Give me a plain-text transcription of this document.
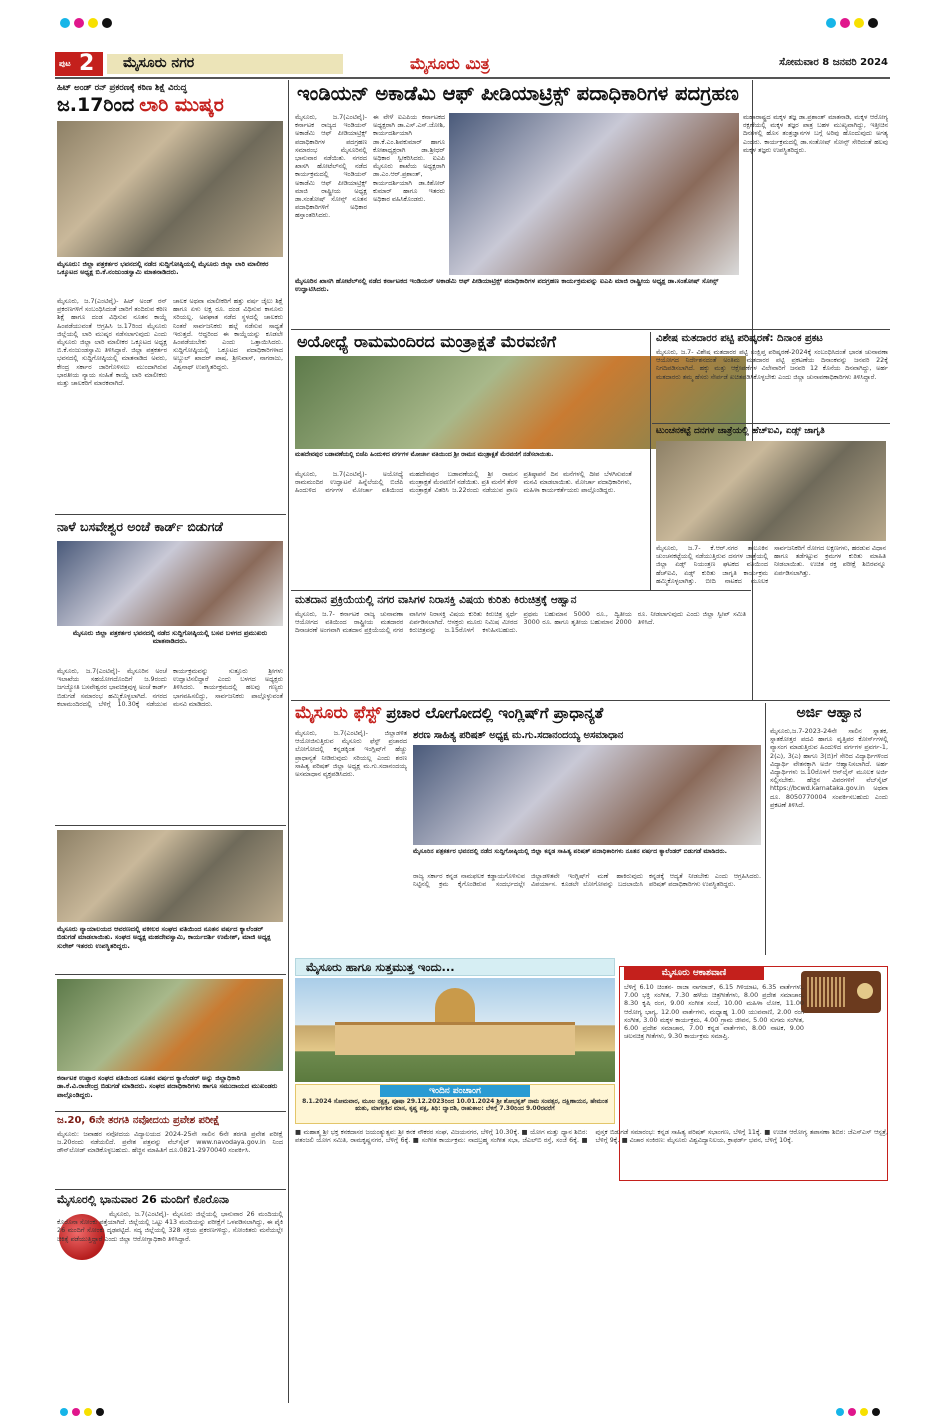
ಪುಟ 2 ಮೈಸೂರು ನಗರ	ಮೈಸೂರು ಮಿತ್ರ	ಸೋಮವಾರ 8 ಜನವರಿ 2024
ಹಿಟ್ ಅಂಡ್ ರನ್ ಪ್ರಕರಣಕ್ಕೆ ಕಠಿಣ ಶಿಕ್ಷೆ ವಿರುದ್ಧ
ಜ.17ರಿಂದ ಲಾರಿ ಮುಷ್ಕರ
ಮೈಸೂರು: ಜಿಲ್ಲಾ ಪತ್ರಕರ್ತರ ಭವನದಲ್ಲಿ ನಡೆದ ಸುದ್ದಿಗೋಷ್ಠಿಯಲ್ಲಿ ಮೈಸೂರು ಜಿಲ್ಲಾ ಲಾರಿ ಮಾಲೀಕರ ಒಕ್ಕೂಟದ ಅಧ್ಯಕ್ಷ ಬಿ.ಕೆ.ನಂಜುಂಡಸ್ವಾಮಿ ಮಾತನಾಡಿದರು.
ಮೈಸೂರು, ಜ.7(ಎಂಟಿವೈ)- ಹಿಟ್ ಅಂಡ್ ರನ್ ಪ್ರಕರಣಗಳಿಗೆ ಸಂಬಂಧಿಸಿದಂತೆ ಜಾರಿಗೆ ತಂದಿರುವ ಕಠಿಣ ಶಿಕ್ಷೆ ಹಾಗೂ ದಂಡ ವಿಧಿಸುವ ನೂತನ ಕಾಯ್ದೆ ಹಿಂಪಡೆಯುವಂತೆ ಆಗ್ರಹಿಸಿ ಜ.17ರಿಂದ ಮೈಸೂರು ಜಿಲ್ಲೆಯಲ್ಲಿ ಲಾರಿ ಮುಷ್ಕರ ನಡೆಸಲಾಗುವುದು ಎಂದು ಮೈಸೂರು ಜಿಲ್ಲಾ ಲಾರಿ ಮಾಲೀಕರ ಒಕ್ಕೂಟದ ಅಧ್ಯಕ್ಷ ಬಿ.ಕೆ.ನಂಜುಂಡಸ್ವಾಮಿ ತಿಳಿಸಿದ್ದಾರೆ. ಜಿಲ್ಲಾ ಪತ್ರಕರ್ತರ ಭವನದಲ್ಲಿ ಸುದ್ದಿಗೋಷ್ಠಿಯಲ್ಲಿ ಮಾತನಾಡಿದ ಅವರು, ಕೇಂದ್ರ ಸರ್ಕಾರ ಜಾರಿಗೊಳಿಸಲು ಮುಂದಾಗಿರುವ ಭಾರತೀಯ ನ್ಯಾಯ ಸಂಹಿತೆ ಕಾಯ್ದೆ ಲಾರಿ ಮಾಲೀಕರು ಮತ್ತು ಚಾಲಕರಿಗೆ ಮಾರಕವಾಗಿದೆ.
ಚಾಲಕ ಅಥವಾ ಮಾಲೀಕರಿಗೆ ಹತ್ತು ವರ್ಷ ಜೈಲು ಶಿಕ್ಷೆ ಹಾಗೂ ಏಳು ಲಕ್ಷ ರೂ. ದಂಡ ವಿಧಿಸುವ ಕಾನೂನು ಸರಿಯಲ್ಲ. ಅಪಘಾತ ನಡೆದ ಸ್ಥಳದಲ್ಲಿ ಚಾಲಕರು ನಿಂತರೆ ಸಾರ್ವಜನಿಕರು ಹಲ್ಲೆ ನಡೆಸುವ ಸಾಧ್ಯತೆ ಇರುತ್ತದೆ. ಆದ್ದರಿಂದ ಈ ಕಾಯ್ದೆಯನ್ನು ಕೂಡಲೇ ಹಿಂಪಡೆಯಬೇಕು ಎಂದು ಒತ್ತಾಯಿಸಿದರು. ಸುದ್ದಿಗೋಷ್ಠಿಯಲ್ಲಿ ಒಕ್ಕೂಟದ ಪದಾಧಿಕಾರಿಗಳಾದ ಅಬ್ದುಲ್ ಖಾದರ್ ಪಾಷ, ಶ್ರೀನಿವಾಸ್, ನಾಗರಾಜು, ವಿಶ್ವನಾಥ್ ಉಪಸ್ಥಿತರಿದ್ದರು.
ನಾಳೆ ಬಸವೇಶ್ವರ ಅಂಚೆ ಕಾರ್ಡ್ ಬಿಡುಗಡೆ
ಮೈಸೂರು ಜಿಲ್ಲಾ ಪತ್ರಕರ್ತರ ಭವನದಲ್ಲಿ ನಡೆದ ಸುದ್ದಿಗೋಷ್ಠಿಯಲ್ಲಿ ಬಸವ ಬಳಗದ ಪ್ರಮುಖರು ಮಾತನಾಡಿದರು.
ಮೈಸೂರು, ಜ.7(ಎಂಟಿವೈ)- ಮೈಸೂರಿನ ಅಂಚೆ ಇಲಾಖೆಯ ಸಹಯೋಗದೊಂದಿಗೆ ಜ.9ರಂದು ಜಗಜ್ಯೋತಿ ಬಸವೇಶ್ವರರ ಭಾವಚಿತ್ರವುಳ್ಳ ಅಂಚೆ ಕಾರ್ಡ್ ಬಿಡುಗಡೆ ಸಮಾರಂಭ ಹಮ್ಮಿಕೊಳ್ಳಲಾಗಿದೆ. ನಗರದ ಕಲಾಮಂದಿರದಲ್ಲಿ ಬೆಳಿಗ್ಗೆ 10.30ಕ್ಕೆ ನಡೆಯುವ ಕಾರ್ಯಕ್ರಮವನ್ನು ಸುತ್ತೂರು ಶ್ರೀಗಳು ಉದ್ಘಾಟಿಸಲಿದ್ದಾರೆ ಎಂದು ಬಳಗದ ಅಧ್ಯಕ್ಷರು ತಿಳಿಸಿದರು. ಕಾರ್ಯಕ್ರಮದಲ್ಲಿ ಹಲವು ಗಣ್ಯರು ಭಾಗವಹಿಸಲಿದ್ದು, ಸಾರ್ವಜನಿಕರು ಪಾಲ್ಗೊಳ್ಳುವಂತೆ ಮನವಿ ಮಾಡಿದರು.
ಮೈಸೂರು ನ್ಯಾಯಾಲಯದ ಆವರಣದಲ್ಲಿ ವಕೀಲರ ಸಂಘದ ವತಿಯಿಂದ ನೂತನ ವರ್ಷದ ಕ್ಯಾಲೆಂಡರ್ ಬಿಡುಗಡೆ ಮಾಡಲಾಯಿತು. ಸಂಘದ ಅಧ್ಯಕ್ಷ ಮಹದೇವಸ್ವಾಮಿ, ಕಾರ್ಯದರ್ಶಿ ಉಮೇಶ್, ಮಾಜಿ ಅಧ್ಯಕ್ಷ ಸುರೇಶ್ ಇತರರು ಉಪಸ್ಥಿತರಿದ್ದರು.
ಕರ್ನಾಟಕ ಉಪ್ಪಾರ ಸಂಘದ ವತಿಯಿಂದ ನೂತನ ವರ್ಷದ ಕ್ಯಾಲೆಂಡರ್ ಅನ್ನು ಜಿಲ್ಲಾಧಿಕಾರಿ ಡಾ.ಕೆ.ವಿ.ರಾಜೇಂದ್ರ ಬಿಡುಗಡೆ ಮಾಡಿದರು. ಸಂಘದ ಪದಾಧಿಕಾರಿಗಳು ಹಾಗೂ ಸಮುದಾಯದ ಮುಖಂಡರು ಪಾಲ್ಗೊಂಡಿದ್ದರು.
ಜ.20, 6ನೇ ತರಗತಿ ನವೋದಯ ಪ್ರವೇಶ ಪರೀಕ್ಷೆ
ಮೈಸೂರು: ಜವಾಹರ ನವೋದಯ ವಿದ್ಯಾಲಯದ 2024-25ನೇ ಸಾಲಿನ 6ನೇ ತರಗತಿ ಪ್ರವೇಶ ಪರೀಕ್ಷೆ ಜ.20ರಂದು ನಡೆಯಲಿದೆ. ಪ್ರವೇಶ ಪತ್ರವನ್ನು ವೆಬ್‌ಸೈಟ್ www.navodaya.gov.in ನಿಂದ ಡೌನ್‌ಲೋಡ್ ಮಾಡಿಕೊಳ್ಳಬಹುದು. ಹೆಚ್ಚಿನ ಮಾಹಿತಿಗೆ ದೂ.0821-2970040 ಸಂಪರ್ಕಿಸಿ.
ಮೈಸೂರಲ್ಲಿ ಭಾನುವಾರ 26 ಮಂದಿಗೆ ಕೊರೊನಾ
ಮೈಸೂರು, ಜ.7(ಎಂಟಿವೈ)- ಮೈಸೂರು ಜಿಲ್ಲೆಯಲ್ಲಿ ಭಾನುವಾರ 26 ಮಂದಿಯಲ್ಲಿ ಕೊರೊನಾ ಸೋಂಕು ಪತ್ತೆಯಾಗಿದೆ. ಜಿಲ್ಲೆಯಲ್ಲಿ ಒಟ್ಟು 413 ಮಂದಿಯನ್ನು ಪರೀಕ್ಷೆಗೆ ಒಳಪಡಿಸಲಾಗಿದ್ದು, ಈ ಪೈಕಿ 26 ಮಂದಿಗೆ ಸೋಂಕು ದೃಢಪಟ್ಟಿದೆ. ಸದ್ಯ ಜಿಲ್ಲೆಯಲ್ಲಿ 328 ಸಕ್ರಿಯ ಪ್ರಕರಣಗಳಿದ್ದು, ಸೋಂಕಿತರು ಮನೆಯಲ್ಲೇ ಚಿಕಿತ್ಸೆ ಪಡೆಯುತ್ತಿದ್ದಾರೆ ಎಂದು ಜಿಲ್ಲಾ ಆರೋಗ್ಯಾಧಿಕಾರಿ ತಿಳಿಸಿದ್ದಾರೆ.
ಇಂಡಿಯನ್ ಅಕಾಡೆಮಿ ಆಫ್ ಪೀಡಿಯಾಟ್ರಿಕ್ಸ್ ಪದಾಧಿಕಾರಿಗಳ ಪದಗ್ರಹಣ
ಮೈಸೂರು, ಜ.7(ಎಂಟಿವೈ)- ಕರ್ನಾಟಕ ರಾಜ್ಯದ ಇಂಡಿಯನ್ ಅಕಾಡೆಮಿ ಆಫ್ ಪೀಡಿಯಾಟ್ರಿಕ್ಸ್ ಪದಾಧಿಕಾರಿಗಳ ಪದಗ್ರಹಣ ಸಮಾರಂಭ ಮೈಸೂರಿನಲ್ಲಿ ಭಾನುವಾರ ನಡೆಯಿತು. ನಗರದ ಖಾಸಗಿ ಹೋಟೆಲ್‌ನಲ್ಲಿ ನಡೆದ ಕಾರ್ಯಕ್ರಮದಲ್ಲಿ ಇಂಡಿಯನ್ ಅಕಾಡೆಮಿ ಆಫ್ ಪೀಡಿಯಾಟ್ರಿಕ್ಸ್ ಮಾಜಿ ರಾಷ್ಟ್ರೀಯ ಅಧ್ಯಕ್ಷ ಡಾ.ಸಂತೋಷ್ ಸೋನ್ಸ್ ನೂತನ ಪದಾಧಿಕಾರಿಗಳಿಗೆ ಅಧಿಕಾರ ಹಸ್ತಾಂತರಿಸಿದರು.
ಈ ವೇಳೆ ಐಎಪಿಯ ಕರ್ನಾಟಕದ ಅಧ್ಯಕ್ಷರಾಗಿ ಡಾ.ಎಸ್.ಎಸ್.ಜೋಶಿ, ಕಾರ್ಯದರ್ಶಿಯಾಗಿ ಡಾ.ಕೆ.ಎಂ.ಶಿವಕುಮಾರ್ ಹಾಗೂ ಕೋಶಾಧ್ಯಕ್ಷರಾಗಿ ಡಾ.ಶ್ರೀಧರ್ ಅಧಿಕಾರ ಸ್ವೀಕರಿಸಿದರು. ಐಎಪಿ ಮೈಸೂರು ಶಾಖೆಯ ಅಧ್ಯಕ್ಷರಾಗಿ ಡಾ.ಎಂ.ಆರ್.ಪ್ರಶಾಂತ್, ಕಾರ್ಯದರ್ಶಿಯಾಗಿ ಡಾ.ಕಿಶೋರ್ ಕುಮಾರ್ ಹಾಗೂ ಇತರರು ಅಧಿಕಾರ ವಹಿಸಿಕೊಂಡರು.
ಮಹಾರಾಷ್ಟ್ರದ ಮಕ್ಕಳ ತಜ್ಞ ಡಾ.ಪ್ರಶಾಂತ್ ಮಾತನಾಡಿ, ಮಕ್ಕಳ ಆರೋಗ್ಯ ರಕ್ಷಣೆಯಲ್ಲಿ ಮಕ್ಕಳ ತಜ್ಞರ ಪಾತ್ರ ಬಹಳ ಮುಖ್ಯವಾಗಿದ್ದು, ಇತ್ತೀಚಿನ ದಿನಗಳಲ್ಲಿ ಹೊಸ ತಂತ್ರಜ್ಞಾನಗಳ ಬಗ್ಗೆ ಅರಿವು ಹೊಂದುವುದು ಅಗತ್ಯ ಎಂದರು. ಕಾರ್ಯಕ್ರಮದಲ್ಲಿ ಡಾ.ಸಂತೋಷ್ ಸೋನ್ಸ್ ಸೇರಿದಂತೆ ಹಲವು ಮಕ್ಕಳ ತಜ್ಞರು ಉಪಸ್ಥಿತರಿದ್ದರು.
ಮೈಸೂರಿನ ಖಾಸಗಿ ಹೋಟೆಲ್‌ನಲ್ಲಿ ನಡೆದ ಕರ್ನಾಟಕದ ಇಂಡಿಯನ್ ಅಕಾಡೆಮಿ ಆಫ್ ಪೀಡಿಯಾಟ್ರಿಕ್ಸ್ ಪದಾಧಿಕಾರಿಗಳ ಪದಗ್ರಹಣ ಕಾರ್ಯಕ್ರಮವನ್ನು ಐಎಪಿ ಮಾಜಿ ರಾಷ್ಟ್ರೀಯ ಅಧ್ಯಕ್ಷ ಡಾ.ಸಂತೋಷ್ ಸೋನ್ಸ್ ಉದ್ಘಾಟಿಸಿದರು.
ಅಯೋಧ್ಯೆ ರಾಮಮಂದಿರದ ಮಂತ್ರಾಕ್ಷತೆ ಮೆರವಣಿಗೆ
ಮಹದೇವಪುರ ಬಡಾವಣೆಯಲ್ಲಿ ಬಿಜೆಪಿ ಹಿಂದುಳಿದ ವರ್ಗಗಳ ಮೋರ್ಚಾ ವತಿಯಿಂದ ಶ್ರೀ ರಾಮನ ಮಂತ್ರಾಕ್ಷತೆ ಮೆರವಣಿಗೆ ನಡೆಸಲಾಯಿತು.
ಮೈಸೂರು, ಜ.7(ಎಂಟಿವೈ)- ಅಯೋಧ್ಯೆ ರಾಮಮಂದಿರ ಉದ್ಘಾಟನೆ ಹಿನ್ನೆಲೆಯಲ್ಲಿ ಬಿಜೆಪಿ ಹಿಂದುಳಿದ ವರ್ಗಗಳ ಮೋರ್ಚಾ ವತಿಯಿಂದ ಮಹದೇವಪುರ ಬಡಾವಣೆಯಲ್ಲಿ ಶ್ರೀ ರಾಮನ ಮಂತ್ರಾಕ್ಷತೆ ಮೆರವಣಿಗೆ ನಡೆಯಿತು. ಪ್ರತಿ ಮನೆಗೆ ತೆರಳಿ ಮಂತ್ರಾಕ್ಷತೆ ವಿತರಿಸಿ ಜ.22ರಂದು ನಡೆಯುವ ಪ್ರಾಣ ಪ್ರತಿಷ್ಠಾಪನೆ ದಿನ ಮನೆಗಳಲ್ಲಿ ದೀಪ ಬೆಳಗಿಸುವಂತೆ ಮನವಿ ಮಾಡಲಾಯಿತು. ಮೋರ್ಚಾ ಪದಾಧಿಕಾರಿಗಳು, ಮಹಿಳಾ ಕಾರ್ಯಕರ್ತೆಯರು ಪಾಲ್ಗೊಂಡಿದ್ದರು.
ಮತದಾನ ಪ್ರಕ್ರಿಯೆಯಲ್ಲಿ ನಗರ ವಾಸಿಗಳ ನಿರಾಸಕ್ತಿ ವಿಷಯ ಕುರಿತು ಕಿರುಚಿತ್ರಕ್ಕೆ ಆಹ್ವಾನ
ಮೈಸೂರು, ಜ.7- ಕರ್ನಾಟಕ ರಾಜ್ಯ ಚುನಾವಣಾ ಆಯೋಗದ ವತಿಯಿಂದ ರಾಷ್ಟ್ರೀಯ ಮತದಾರರ ದಿನಾಚರಣೆ ಅಂಗವಾಗಿ ಮತದಾನ ಪ್ರಕ್ರಿಯೆಯಲ್ಲಿ ನಗರ ವಾಸಿಗಳ ನಿರಾಸಕ್ತಿ ವಿಷಯ ಕುರಿತು ಕಿರುಚಿತ್ರ ಸ್ಪರ್ಧೆ ಏರ್ಪಡಿಸಲಾಗಿದೆ. ಆಸಕ್ತರು ಮೂರು ನಿಮಿಷ ಮೀರದ ಕಿರುಚಿತ್ರವನ್ನು ಜ.15ರೊಳಗೆ ಕಳುಹಿಸಬಹುದು. ಪ್ರಥಮ ಬಹುಮಾನ 5000 ರೂ., ದ್ವಿತೀಯ 3000 ರೂ. ಹಾಗೂ ತೃತೀಯ ಬಹುಮಾನ 2000 ರೂ. ನೀಡಲಾಗುವುದು ಎಂದು ಜಿಲ್ಲಾ ಸ್ವೀಪ್ ಸಮಿತಿ ತಿಳಿಸಿದೆ.
ವಿಶೇಷ ಮತದಾರರ ಪಟ್ಟಿ ಪರಿಷ್ಕರಣೆ: ದಿನಾಂಕ ಪ್ರಕಟ
ಮೈಸೂರು, ಜ.7- ವಿಶೇಷ ಮತದಾರರ ಪಟ್ಟಿ ಸಂಕ್ಷಿಪ್ತ ಪರಿಷ್ಕರಣೆ-2024ಕ್ಕೆ ಸಂಬಂಧಿಸಿದಂತೆ ಭಾರತ ಚುನಾವಣಾ ಆಯೋಗದ ನಿರ್ದೇಶನದಂತೆ ಅಂತಿಮ ಮತದಾರರ ಪಟ್ಟಿ ಪ್ರಕಟಣೆಯ ದಿನಾಂಕವನ್ನು ಜನವರಿ 22ಕ್ಕೆ ನಿಗದಿಪಡಿಸಲಾಗಿದೆ. ಹಕ್ಕು ಮತ್ತು ಆಕ್ಷೇಪಣೆಗಳ ವಿಲೇವಾರಿಗೆ ಜನವರಿ 12 ಕೊನೆಯ ದಿನವಾಗಿದ್ದು, ಅರ್ಹ ಮತದಾರರು ತಮ್ಮ ಹೆಸರು ಸೇರ್ಪಡೆ ಖಚಿತಪಡಿಸಿಕೊಳ್ಳಬೇಕು ಎಂದು ಜಿಲ್ಲಾ ಚುನಾವಣಾಧಿಕಾರಿಗಳು ತಿಳಿಸಿದ್ದಾರೆ.
ಟುಂಚನಕಟ್ಟೆ ದನಗಳ ಜಾತ್ರೆಯಲ್ಲಿ ಹೆಚ್‌ಐವಿ, ಏಡ್ಸ್ ಜಾಗೃತಿ
ಮೈಸೂರು, ಜ.7- ಕೆ.ಆರ್.ನಗರ ತಾಲೂಕಿನ ಚುಂಚನಕಟ್ಟೆಯಲ್ಲಿ ನಡೆಯುತ್ತಿರುವ ದನಗಳ ಜಾತ್ರೆಯಲ್ಲಿ ಜಿಲ್ಲಾ ಏಡ್ಸ್ ನಿಯಂತ್ರಣ ಘಟಕದ ವತಿಯಿಂದ ಹೆಚ್‌ಐವಿ, ಏಡ್ಸ್ ಕುರಿತು ಜಾಗೃತಿ ಕಾರ್ಯಕ್ರಮ ಹಮ್ಮಿಕೊಳ್ಳಲಾಗಿತ್ತು. ಬೀದಿ ನಾಟಕದ ಮೂಲಕ ಸಾರ್ವಜನಿಕರಿಗೆ ರೋಗದ ಲಕ್ಷಣಗಳು, ಹರಡುವ ವಿಧಾನ ಹಾಗೂ ತಡೆಗಟ್ಟುವ ಕ್ರಮಗಳ ಕುರಿತು ಮಾಹಿತಿ ನೀಡಲಾಯಿತು. ಉಚಿತ ರಕ್ತ ಪರೀಕ್ಷೆ ಶಿಬಿರವನ್ನೂ ಏರ್ಪಡಿಸಲಾಗಿತ್ತು.
ಮೈಸೂರು ಫೆಸ್ಟ್ ಪ್ರಚಾರ ಲೋಗೋದಲ್ಲಿ ಇಂಗ್ಲಿಷ್‌ಗೆ ಪ್ರಾಧಾನ್ಯತೆ
ಮೈಸೂರು, ಜ.7(ಎಂಟಿವೈ)- ಜಿಲ್ಲಾಡಳಿತ ಆಯೋಜಿಸುತ್ತಿರುವ ಮೈಸೂರು ಫೆಸ್ಟ್ ಪ್ರಚಾರದ ಲೋಗೋದಲ್ಲಿ ಕನ್ನಡಕ್ಕಿಂತ ಇಂಗ್ಲಿಷ್‌ಗೆ ಹೆಚ್ಚು ಪ್ರಾಧಾನ್ಯತೆ ನೀಡಿರುವುದು ಸರಿಯಲ್ಲ ಎಂದು ಶರಣ ಸಾಹಿತ್ಯ ಪರಿಷತ್ ಜಿಲ್ಲಾ ಅಧ್ಯಕ್ಷ ಮ.ಗು.ಸದಾನಂದಯ್ಯ ಅಸಮಾಧಾನ ವ್ಯಕ್ತಪಡಿಸಿದರು.
ಶರಣ ಸಾಹಿತ್ಯ ಪರಿಷತ್ ಅಧ್ಯಕ್ಷ ಮ.ಗು.ಸದಾನಂದಯ್ಯ ಅಸಮಾಧಾನ
ಮೈಸೂರಿನ ಪತ್ರಕರ್ತರ ಭವನದಲ್ಲಿ ನಡೆದ ಸುದ್ದಿಗೋಷ್ಠಿಯಲ್ಲಿ ಜಿಲ್ಲಾ ಕನ್ನಡ ಸಾಹಿತ್ಯ ಪರಿಷತ್ ಪದಾಧಿಕಾರಿಗಳು ನೂತನ ವರ್ಷದ ಕ್ಯಾಲೆಂಡರ್ ಬಿಡುಗಡೆ ಮಾಡಿದರು.
ರಾಜ್ಯ ಸರ್ಕಾರ ಕನ್ನಡ ನಾಮಫಲಕ ಕಡ್ಡಾಯಗೊಳಿಸುವ ನಿಟ್ಟಿನಲ್ಲಿ ಕ್ರಮ ಕೈಗೊಂಡಿರುವ ಸಂದರ್ಭದಲ್ಲೇ ಜಿಲ್ಲಾಡಳಿತವೇ ಇಂಗ್ಲಿಷ್‌ಗೆ ಮಣೆ ಹಾಕಿರುವುದು ವಿಪರ್ಯಾಸ. ಕೂಡಲೇ ಲೋಗೋವನ್ನು ಬದಲಾಯಿಸಿ ಕನ್ನಡಕ್ಕೆ ಆದ್ಯತೆ ನೀಡಬೇಕು ಎಂದು ಆಗ್ರಹಿಸಿದರು. ಪರಿಷತ್ ಪದಾಧಿಕಾರಿಗಳು ಉಪಸ್ಥಿತರಿದ್ದರು.
ಅರ್ಜಿ ಆಹ್ವಾನ
ಮೈಸೂರು,ಜ.7-2023-24ನೇ ಸಾಲಿನ ಸ್ನಾತಕ, ಸ್ನಾತಕೋತ್ತರ ಪದವಿ ಹಾಗೂ ವೃತ್ತಿಪರ ಕೋರ್ಸ್‌ಗಳಲ್ಲಿ ವ್ಯಾಸಂಗ ಮಾಡುತ್ತಿರುವ ಹಿಂದುಳಿದ ವರ್ಗಗಳ ಪ್ರವರ್ಗ-1, 2(ಎ), 3(ಎ) ಹಾಗೂ 3(ಬಿ)ಗೆ ಸೇರಿದ ವಿದ್ಯಾರ್ಥಿಗಳಿಂದ ವಿದ್ಯಾರ್ಥಿ ವೇತನಕ್ಕಾಗಿ ಅರ್ಜಿ ಆಹ್ವಾನಿಸಲಾಗಿದೆ. ಅರ್ಹ ವಿದ್ಯಾರ್ಥಿಗಳು ಜ.10ರೊಳಗೆ ಆನ್‌ಲೈನ್ ಮೂಲಕ ಅರ್ಜಿ ಸಲ್ಲಿಸಬೇಕು. ಹೆಚ್ಚಿನ ವಿವರಗಳಿಗೆ ವೆಬ್‌ಸೈಟ್ https://bcwd.karnataka.gov.in ಅಥವಾ ದೂ. 8050770004 ಸಂಪರ್ಕಿಸಬಹುದು ಎಂದು ಪ್ರಕಟಣೆ ತಿಳಿಸಿದೆ.
ಮೈಸೂರು ಹಾಗೂ ಸುತ್ತಮುತ್ತ ಇಂದು...
ಇಂದಿನ ಪಂಚಾಂಗ
8.1.2024 ಸೋಮವಾರ, ಮೂಲ ನಕ್ಷತ್ರ, ಪೂಷಾ 29.12.2023ರಿಂದ 10.01.2024 ಶ್ರೀ ಶೋಭಕೃತ್ ನಾಮ ಸಂವತ್ಸರ, ದಕ್ಷಿಣಾಯನ, ಹೇಮಂತ ಋತು, ಮಾರ್ಗಶಿರ ಮಾಸ, ಕೃಷ್ಣ ಪಕ್ಷ, ತಿಥಿ: ದ್ವಾದಶಿ, ರಾಹುಕಾಲ: ಬೆಳಿಗ್ಗೆ 7.30ರಿಂದ 9.00ರವರೆಗೆ
ಮೈಸೂರು ಆಕಾಶವಾಣಿ
ಬೆಳಿಗ್ಗೆ 6.10 ಚಿಂತನ- ರಾಜಾ ನಾಗರಾಜ್, 6.15 ಗಿಳಿಯಾಟ, 6.35 ವಾರ್ತೆಗಳು, 7.00 ಭಕ್ತಿ ಸಂಗೀತ, 7.30 ಹಳೆಯ ಚಿತ್ರಗೀತೆಗಳು, 8.00 ಪ್ರದೇಶ ಸಮಾಚಾರ, 8.30 ಕೃಷಿ ರಂಗ, 9.00 ಸಂಗೀತ ಸಂಜೆ, 10.00 ಮಹಿಳಾ ಲೋಕ, 11.00 ಆರೋಗ್ಯ ಭಾಗ್ಯ, 12.00 ವಾರ್ತೆಗಳು, ಮಧ್ಯಾಹ್ನ 1.00 ಯುವವಾಣಿ, 2.00 ರಂಗ ಸಂಗೀತ, 3.00 ಮಕ್ಕಳ ಕಾರ್ಯಕ್ರಮ, 4.00 ಗ್ರಾಮ ಜೀವನ, 5.00 ಸುಗಮ ಸಂಗೀತ, 6.00 ಪ್ರದೇಶ ಸಮಾಚಾರ, 7.00 ಕನ್ನಡ ವಾರ್ತೆಗಳು, 8.00 ನಾಟಕ, 9.00 ಚಲನಚಿತ್ರ ಗೀತೆಗಳು, 9.30 ಕಾರ್ಯಕ್ರಮ ಸಮಾಪ್ತಿ.
■ ಮಹಾತ್ಮ ಶ್ರೀ ಭಕ್ತ ಕನಕದಾಸರ ಜಯಂತ್ಯುತ್ಸವ: ಶ್ರೀ ಕನಕ ನೌಕರರ ಸಂಘ, ವಿಜಯನಗರ, ಬೆಳಿಗ್ಗೆ 10.30ಕ್ಕೆ. ■ ಯೋಗ ಮತ್ತು ಧ್ಯಾನ ಶಿಬಿರ: ಪತಂಜಲಿ ಯೋಗ ಸಮಿತಿ, ರಾಮಕೃಷ್ಣನಗರ, ಬೆಳಿಗ್ಗೆ 6ಕ್ಕೆ. ■ ಸಂಗೀತ ಕಾರ್ಯಕ್ರಮ: ನಾದಬ್ರಹ್ಮ ಸಂಗೀತ ಸಭಾ, ಜೆಎಲ್‌ಬಿ ರಸ್ತೆ, ಸಂಜೆ 6ಕ್ಕೆ. ■ ಪುಸ್ತಕ ಬಿಡುಗಡೆ ಸಮಾರಂಭ: ಕನ್ನಡ ಸಾಹಿತ್ಯ ಪರಿಷತ್ ಸಭಾಂಗಣ, ಬೆಳಿಗ್ಗೆ 11ಕ್ಕೆ. ■ ಉಚಿತ ಆರೋಗ್ಯ ತಪಾಸಣಾ ಶಿಬಿರ: ಜೆಎಸ್‌ಎಸ್ ಆಸ್ಪತ್ರೆ, ಬೆಳಿಗ್ಗೆ 9ಕ್ಕೆ. ■ ವಿಚಾರ ಸಂಕಿರಣ: ಮೈಸೂರು ವಿಶ್ವವಿದ್ಯಾನಿಲಯ, ಕ್ರಾಫರ್ಡ್ ಭವನ, ಬೆಳಿಗ್ಗೆ 10ಕ್ಕೆ.
